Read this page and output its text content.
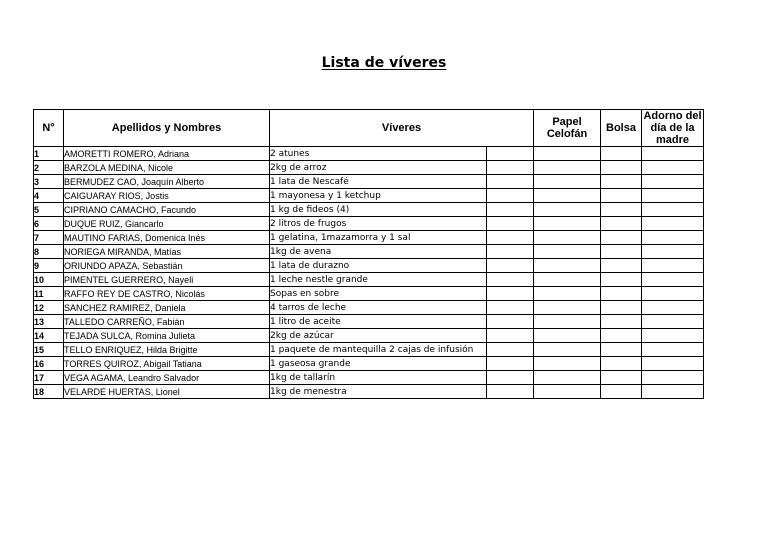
Lista de víveres
N°	Apellidos y Nombres	Víveres		Papel Celofán	Bolsa	Adorno del día de la madre
1	AMORETTI ROMERO, Adriana	2 atunes				
2	BARZOLA MEDINA, Nicole	2kg de arroz				
3	BERMUDEZ CAO, Joaquín Alberto	1 lata de Nescafé				
4	CAIGUARAY RIOS, Jostis	1 mayonesa y 1 ketchup				
5	CIPRIANO CAMACHO, Facundo	1 kg de fideos (4)				
6	DUQUE RUIZ, Giancarlo	2 litros de frugos				
7	MAUTINO FARIAS, Domenica Inés	1 gelatina, 1mazamorra y 1 sal				
8	NORIEGA MIRANDA, Matías	1kg de avena				
9	ORIUNDO APAZA, Sebastián	1 lata de durazno				
10	PIMENTEL GUERRERO, Nayeli	1 leche nestle grande				
11	RAFFO REY DE CASTRO, Nicolás	Sopas en sobre				
12	SANCHEZ RAMIREZ, Daniela	4 tarros de leche				
13	TALLEDO CARREÑO, Fabián	1 litro de aceite				
14	TEJADA SULCA, Romina Julieta	2kg de azúcar				
15	TELLO ENRIQUEZ, Hilda Brigitte	1 paquete de mantequilla 2 cajas de infusión				
16	TORRES QUIROZ, Abigail Tatiana	1 gaseosa grande				
17	VEGA AGAMA, Leandro Salvador	1kg de tallarín				
18	VELARDE HUERTAS, Lionel	1kg de menestra				
